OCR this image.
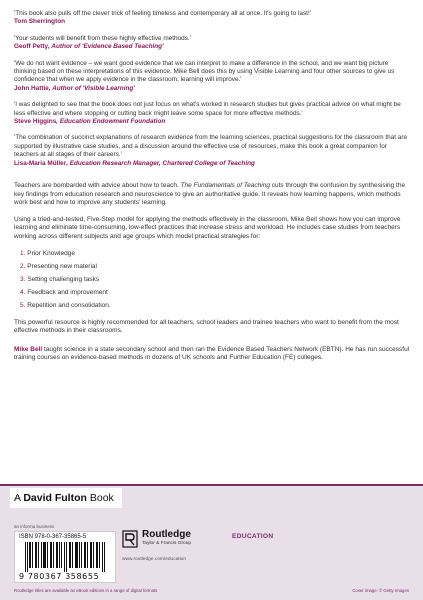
'This book also pulls off the clever trick of feeling timeless and contemporary all at once. It's going to last!'
Tom Sherrington
'Your students will benefit from these highly effective methods.'
Geoff Petty, Author of 'Evidence Based Teaching'
'We do not want evidence – we want good evidence that we can interpret to make a difference in the school, and we want big picture thinking based on these interpretations of this evidence. Mike Bell does this by using Visible Learning and four other sources to give us confidence that when we apply evidence in the classroom, learning will improve.'
John Hattie, Author of 'Visible Learning'
'I was delighted to see that the book does not just focus on what's worked in research studies but gives practical advice on what might be less effective and where stopping or cutting back might leave some space for more effective methods.'
Steve Higgins, Education Endowment Foundation
'The combination of succinct explanations of research evidence from the learning sciences, practical suggestions for the classroom that are supported by illustrative case studies, and a discussion around the effective use of resources, make this book a great companion for teachers at all stages of their careers.'
Lisa-Maria Müller, Education Research Manager, Chartered College of Teaching
Teachers are bombarded with advice about how to teach. The Fundamentals of Teaching cuts through the confusion by synthesising the key findings from education research and neuroscience to give an authoritative guide. It reveals how learning happens, which methods work best and how to improve any students' learning.
Using a tried-and-tested, Five-Step model for applying the methods effectively in the classroom, Mike Bell shows how you can improve learning and eliminate time-consuming, low-effect practices that increase stress and workload. He includes case studies from teachers working across different subjects and age groups which model practical strategies for:
1. Prior Knowledge
2. Presenting new material
3. Setting challenging tasks
4. Feedback and improvement
5. Repetition and consolidation.
This powerful resource is highly recommended for all teachers, school leaders and trainee teachers who want to benefit from the most effective methods in their classrooms.
Mike Bell taught science in a state secondary school and then ran the Evidence Based Teachers Network (EBTN). He has run successful training courses on evidence-based methods in dozens of UK schools and Further Education (FE) colleges.
A David Fulton Book
an informa business
ISBN 978-0-367-35865-5
9 780367 358655
Routledge
Taylor & Francis Group
www.routledge.com/education
EDUCATION
Routledge titles are available as eBook editions in a range of digital formats	Cover image: © Getty Images
